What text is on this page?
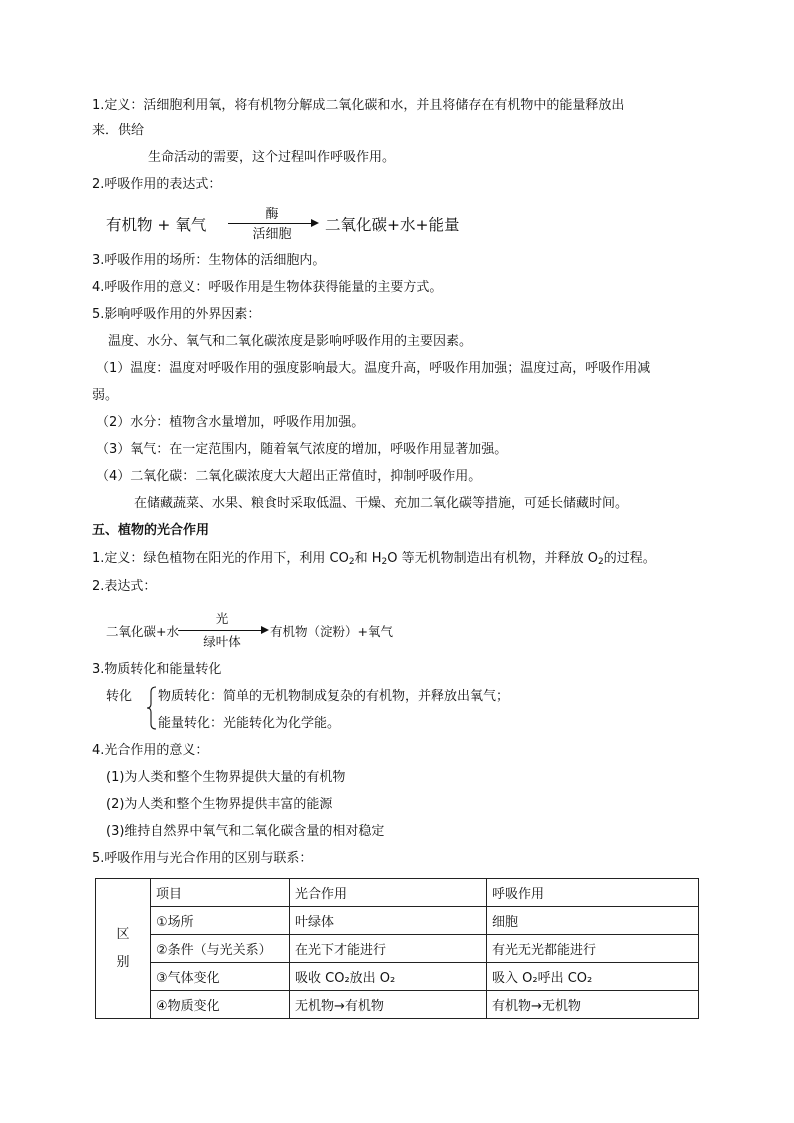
1.定义：活细胞利用氧，将有机物分解成二氧化碳和水，并且将储存在有机物中的能量释放出
来．供给
生命活动的需要，这个过程叫作呼吸作用。
2.呼吸作用的表达式：
有机物 + 氧气
酶
活细胞
二氧化碳+水+能量
3.呼吸作用的场所：生物体的活细胞内。
4.呼吸作用的意义：呼吸作用是生物体获得能量的主要方式。
5.影响呼吸作用的外界因素：
温度、水分、氧气和二氧化碳浓度是影响呼吸作用的主要因素。
（1）温度：温度对呼吸作用的强度影响最大。温度升高，呼吸作用加强；温度过高，呼吸作用减
弱。
（2）水分：植物含水量增加，呼吸作用加强。
（3）氧气：在一定范围内，随着氧气浓度的增加，呼吸作用显著加强。
（4）二氧化碳：二氧化碳浓度大大超出正常值时，抑制呼吸作用。
在储藏蔬菜、水果、粮食时采取低温、干燥、充加二氧化碳等措施，可延长储藏时间。
五、植物的光合作用
1.定义：绿色植物在阳光的作用下，利用 $CO_2$和 $H_2O$ 等无机物制造出有机物，并释放 $O_2$的过程。
2.表达式：
二氧化碳+水
光
绿叶体
有机物（淀粉）+氧气
3.物质转化和能量转化
转化 物质转化：简单的无机物制成复杂的有机物，并释放出氧气；
能量转化：光能转化为化学能。
4.光合作用的意义：
(1)为人类和整个生物界提供大量的有机物
(2)为人类和整个生物界提供丰富的能源
(3)维持自然界中氧气和二氧化碳含量的相对稳定
5.呼吸作用与光合作用的区别与联系：
区
别	项目	光合作用	呼吸作用
	①场所	叶绿体	细胞
	②条件（与光关系）	在光下才能进行	有光无光都能进行
	③气体变化	吸收 CO₂放出 O₂	吸入 O₂呼出 CO₂
	④物质变化	无机物→有机物	有机物→无机物
